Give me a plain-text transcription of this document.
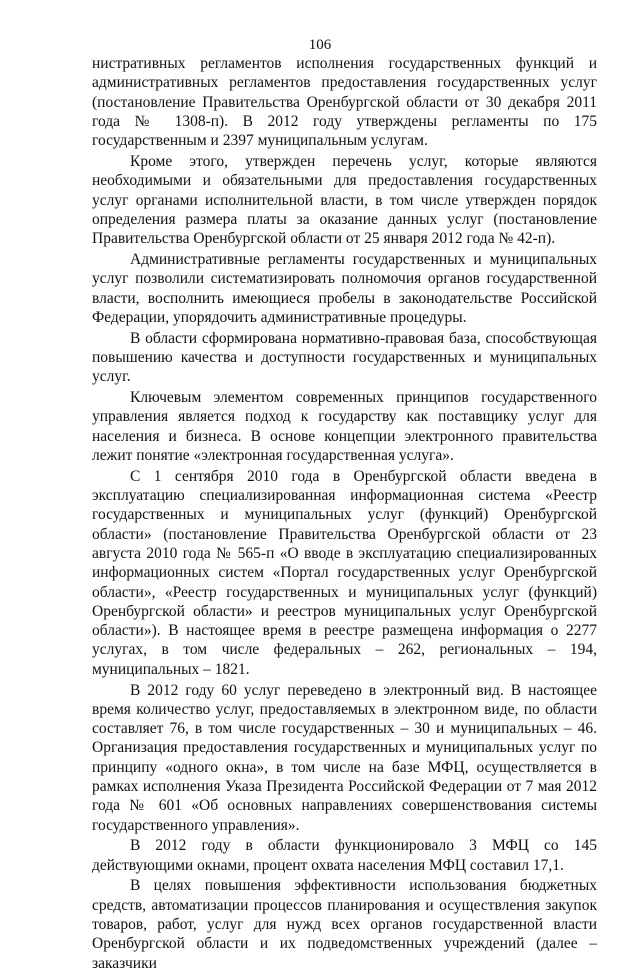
106

нистративных регламентов исполнения государственных функций и административных регламентов предоставления государственных услуг (постановление Правительства Оренбургской области от 30 декабря 2011 года № 1308-п). В 2012 году утверждены регламенты по 175 государственным и 2397 муниципальным услугам.

Кроме этого, утвержден перечень услуг, которые являются необходимыми и обязательными для предоставления государственных услуг органами исполнительной власти, в том числе утвержден порядок определения размера платы за оказание данных услуг (постановление Правительства Оренбургской области от 25 января 2012 года № 42-п).

Административные регламенты государственных и муниципальных услуг позволили систематизировать полномочия органов государственной власти, восполнить имеющиеся пробелы в законодательстве Российской Федерации, упорядочить административные процедуры.

В области сформирована нормативно-правовая база, способствующая повышению качества и доступности государственных и муниципальных услуг.

Ключевым элементом современных принципов государственного управления является подход к государству как поставщику услуг для населения и бизнеса. В основе концепции электронного правительства лежит понятие «электронная государственная услуга».

С 1 сентября 2010 года в Оренбургской области введена в эксплуатацию специализированная информационная система «Реестр государственных и муниципальных услуг (функций) Оренбургской области» (постановление Правительства Оренбургской области от 23 августа 2010 года № 565-п «О вводе в эксплуатацию специализированных информационных систем «Портал государственных услуг Оренбургской области», «Реестр государственных и муниципальных услуг (функций) Оренбургской области» и реестров муниципальных услуг Оренбургской области»). В настоящее время в реестре размещена информация о 2277 услугах, в том числе федеральных – 262, региональных – 194, муниципальных – 1821.

В 2012 году 60 услуг переведено в электронный вид. В настоящее время количество услуг, предоставляемых в электронном виде, по области составляет 76, в том числе государственных – 30 и муниципальных – 46. Организация предоставления государственных и муниципальных услуг по принципу «одного окна», в том числе на базе МФЦ, осуществляется в рамках исполнения Указа Президента Российской Федерации от 7 мая 2012 года № 601 «Об основных направлениях совершенствования системы государственного управления».

В 2012 году в области функционировало 3 МФЦ со 145 действующими окнами, процент охвата населения МФЦ составил 17,1.

В целях повышения эффективности использования бюджетных средств, автоматизации процессов планирования и осуществления закупок товаров, работ, услуг для нужд всех органов государственной власти Оренбургской области и их подведомственных учреждений (далее – заказчики
